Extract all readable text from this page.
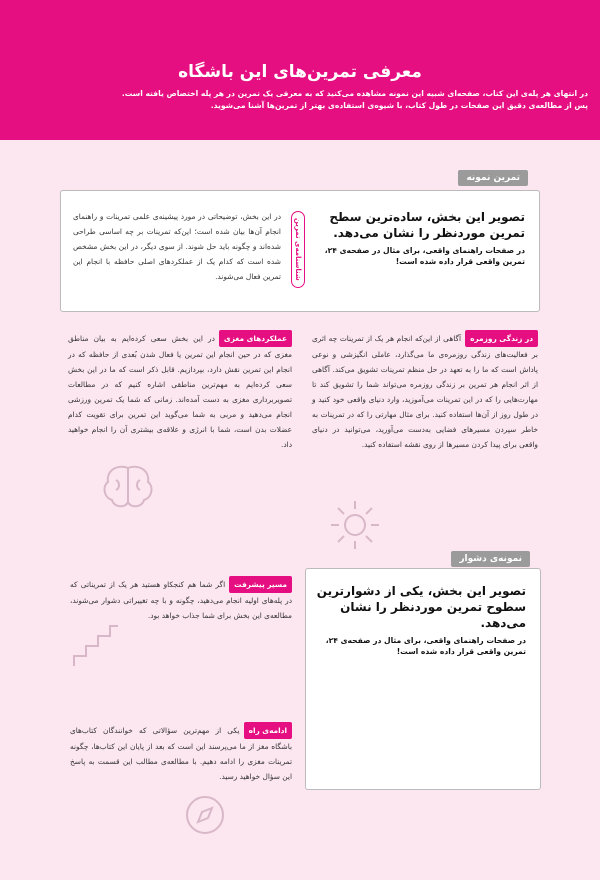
معرفی تمرین‌های این باشگاه

در انتهای هر پله‌ی این کتاب، صفحه‌ای شبیه این نمونه مشاهده می‌کنید که به معرفی یک تمرین در هر پله اختصاص یافته است.

پس از مطالعه‌ی دقیق این صفحات در طول کتاب، با شیوه‌ی استفاده‌ی بهتر از تمرین‌ها آشنا می‌شوید.

تمرین نمونه
تصویر این بخش، ساده‌ترین سطح تمرین موردنظر را نشان می‌دهد.
در صفحات راهنمای واقعی، برای مثال در صفحه‌ی ۲۴، تمرین واقعی قرار داده شده است!
شناسنامه‌ی تمرین
در این بخش، توضیحاتی در مورد پیشینه‌ی علمی تمرینات و راهنمای انجام آن‌ها بیان شده است؛ این‌که تمرینات بر چه اساسی طراحی شده‌اند و چگونه باید حل شوند. از سوی دیگر، در این بخش مشخص شده است که کدام یک از عملکردهای اصلی حافظه با انجام این تمرین فعال می‌شوند.
در زندگی روزمرهآگاهی از این‌که انجام هر یک از تمرینات چه اثری بر فعالیت‌های زندگی روزمره‌ی ما می‌گذارد، عاملی انگیزشی و نوعی پاداش است که ما را به تعهد در حل منظم تمرینات تشویق می‌کند. آگاهی از اثر انجام هر تمرین بر زندگی روزمره می‌تواند شما را تشویق کند تا مهارت‌هایی را که در این تمرینات می‌آموزید، وارد دنیای واقعی خود کنید و در طول روز از آن‌ها استفاده کنید. برای مثال مهارتی را که در تمرینات به خاطر سپردن مسیرهای فضایی به‌دست می‌آورید، می‌توانید در دنیای واقعی برای پیدا کردن مسیرها از روی نقشه استفاده کنید.
عملکردهای مغزیدر این بخش سعی کرده‌ایم به بیان مناطق مغزی که در حین انجام این تمرین یا فعال شدن بُعدی از حافظه که در انجام این تمرین نقش دارد، بپردازیم. قابل ذکر است که ما در این بخش سعی کرده‌ایم به مهم‌ترین مناطقی اشاره کنیم که در مطالعات تصویربرداری مغزی به دست آمده‌اند. زمانی که شما یک تمرین ورزشی انجام می‌دهید و مربی به شما می‌گوید این تمرین برای تقویت کدام عضلات بدن است، شما با انرژی و علاقه‌ی بیشتری آن را انجام خواهید داد.
نمونه‌ی دشوار
تصویر این بخش، یکی از دشوارترین سطوح تمرین موردنظر را نشان می‌دهد.
در صفحات راهنمای واقعی، برای مثال در صفحه‌ی ۲۴، تمرین واقعی قرار داده شده است!
مسیر پیشرفتاگر شما هم کنجکاو هستید هر یک از تمریناتی که در پله‌های اولیه انجام می‌دهید، چگونه و با چه تغییراتی دشوار می‌شوند، مطالعه‌ی این بخش برای شما جذاب خواهد بود.
ادامه‌ی راهیکی از مهم‌ترین سؤالاتی که خوانندگان کتاب‌های باشگاه مغز از ما می‌پرسند این است که بعد از پایان این کتاب‌ها، چگونه تمرینات مغزی را ادامه دهیم. با مطالعه‌ی مطالب این قسمت به پاسخ این سؤال خواهید رسید.
